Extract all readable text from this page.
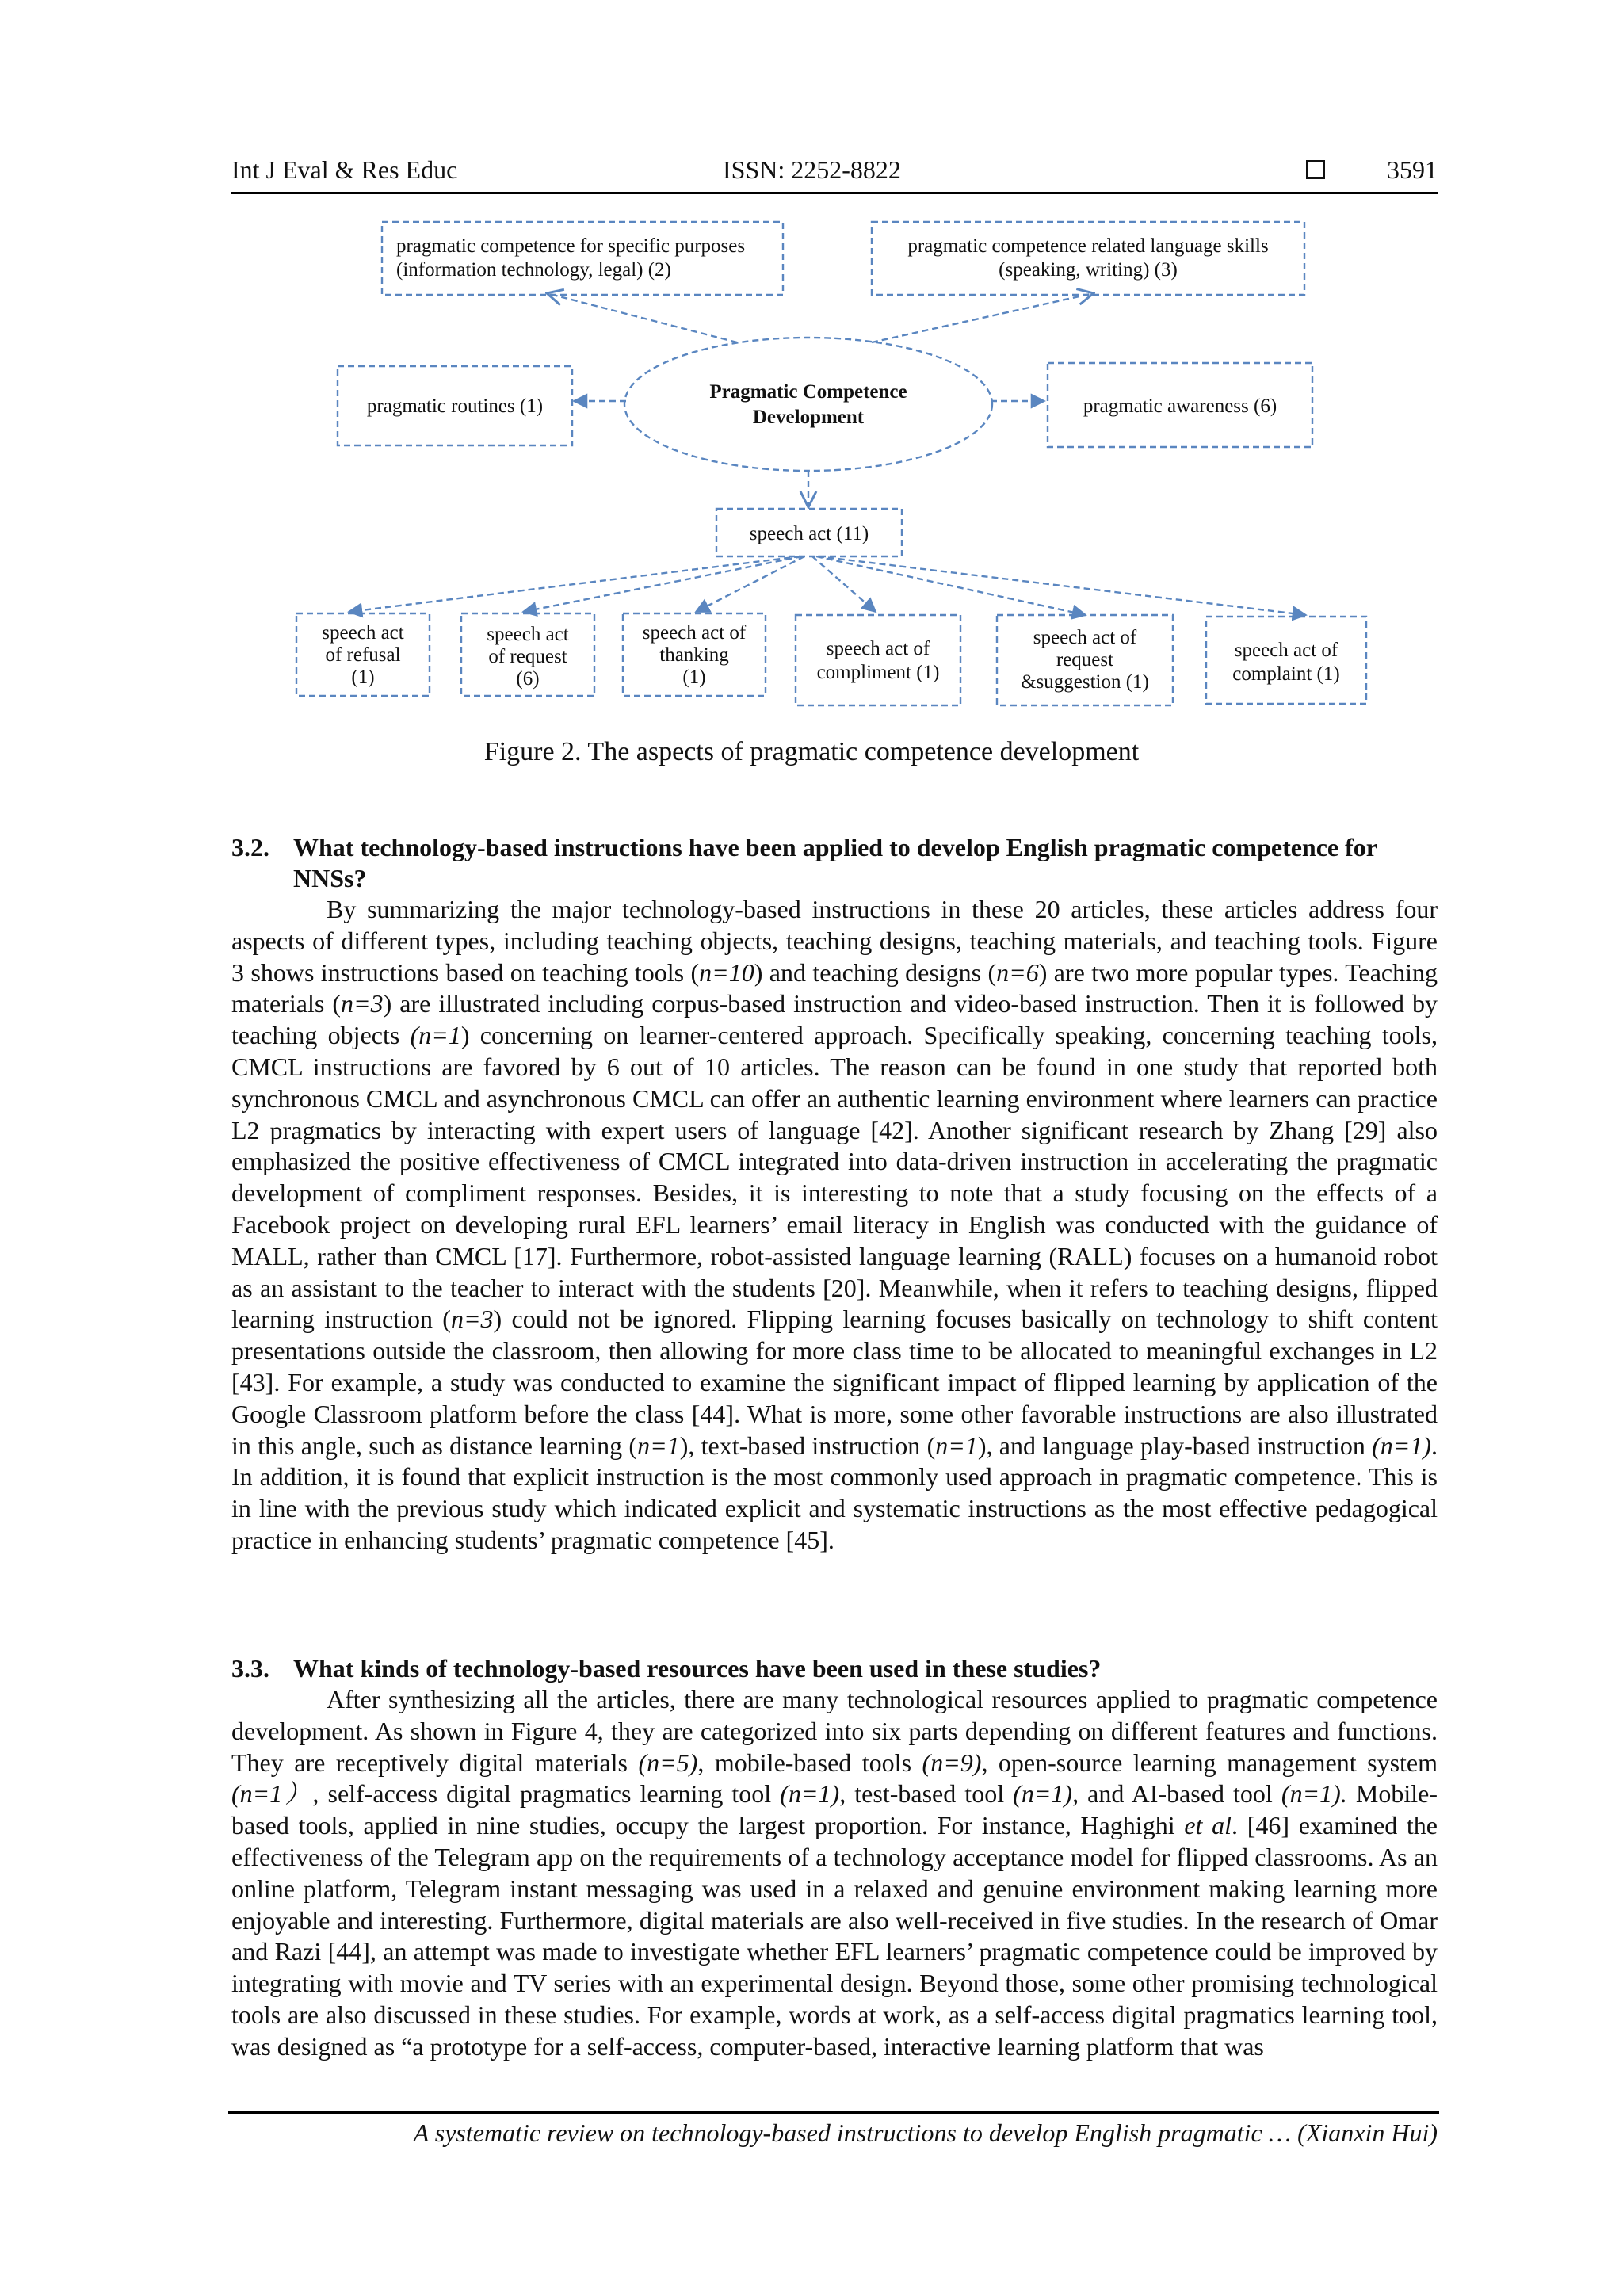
Int J Eval & Res Educ	ISSN: 2252-8822	3591
pragmatic competence for specific purposes
(information technology, legal) (2)
pragmatic competence related language skills
(speaking, writing) (3)
pragmatic routines (1)
Pragmatic Competence
Development
pragmatic awareness (6)
speech act (11)
speech act
of refusal
(1)
speech act
of request
(6)
speech act of
thanking
(1)
speech act of
compliment (1)
speech act of
request
&suggestion (1)
speech act of
complaint (1)
Figure 2. The aspects of pragmatic competence development
3.2. What technology-based instructions have been applied to develop English pragmatic competence for NNSs?

By summarizing the major technology-based instructions in these 20 articles, these articles address four aspects of different types, including teaching objects, teaching designs, teaching materials, and teaching tools. Figure 3 shows instructions based on teaching tools (n=10) and teaching designs (n=6) are two more popular types. Teaching materials (n=3) are illustrated including corpus-based instruction and video-based instruction. Then it is followed by teaching objects (n=1) concerning on learner-centered approach. Specifically speaking, concerning teaching tools, CMCL instructions are favored by 6 out of 10 articles. The reason can be found in one study that reported both synchronous CMCL and asynchronous CMCL can offer an authentic learning environment where learners can practice L2 pragmatics by interacting with expert users of language [42]. Another significant research by Zhang [29] also emphasized the positive effectiveness of CMCL integrated into data-driven instruction in accelerating the pragmatic development of compliment responses. Besides, it is interesting to note that a study focusing on the effects of a Facebook project on developing rural EFL learners’ email literacy in English was conducted with the guidance of MALL, rather than CMCL [17]. Furthermore, robot-assisted language learning (RALL) focuses on a humanoid robot as an assistant to the teacher to interact with the students [20]. Meanwhile, when it refers to teaching designs, flipped learning instruction (n=3) could not be ignored. Flipping learning focuses basically on technology to shift content presentations outside the classroom, then allowing for more class time to be allocated to meaningful exchanges in L2 [43]. For example, a study was conducted to examine the significant impact of flipped learning by application of the Google Classroom platform before the class [44]. What is more, some other favorable instructions are also illustrated in this angle, such as distance learning (n=1), text-based instruction (n=1), and language play-based instruction (n=1). In addition, it is found that explicit instruction is the most commonly used approach in pragmatic competence. This is in line with the previous study which indicated explicit and systematic instructions as the most effective pedagogical practice in enhancing students’ pragmatic competence [45].

3.3. What kinds of technology-based resources have been used in these studies?

After synthesizing all the articles, there are many technological resources applied to pragmatic competence development. As shown in Figure 4, they are categorized into six parts depending on different features and functions. They are receptively digital materials (n=5), mobile-based tools (n=9), open-source learning management system (n=1）, self-access digital pragmatics learning tool (n=1), test-based tool (n=1), and AI-based tool (n=1). Mobile-based tools, applied in nine studies, occupy the largest proportion. For instance, Haghighi et al. [46] examined the effectiveness of the Telegram app on the requirements of a technology acceptance model for flipped classrooms. As an online platform, Telegram instant messaging was used in a relaxed and genuine environment making learning more enjoyable and interesting. Furthermore, digital materials are also well-received in five studies. In the research of Omar and Razi [44], an attempt was made to investigate whether EFL learners’ pragmatic competence could be improved by integrating with movie and TV series with an experimental design. Beyond those, some other promising technological tools are also discussed in these studies. For example, words at work, as a self-access digital pragmatics learning tool, was designed as “a prototype for a self-access, computer-based, interactive learning platform that was

A systematic review on technology-based instructions to develop English pragmatic … (Xianxin Hui)
